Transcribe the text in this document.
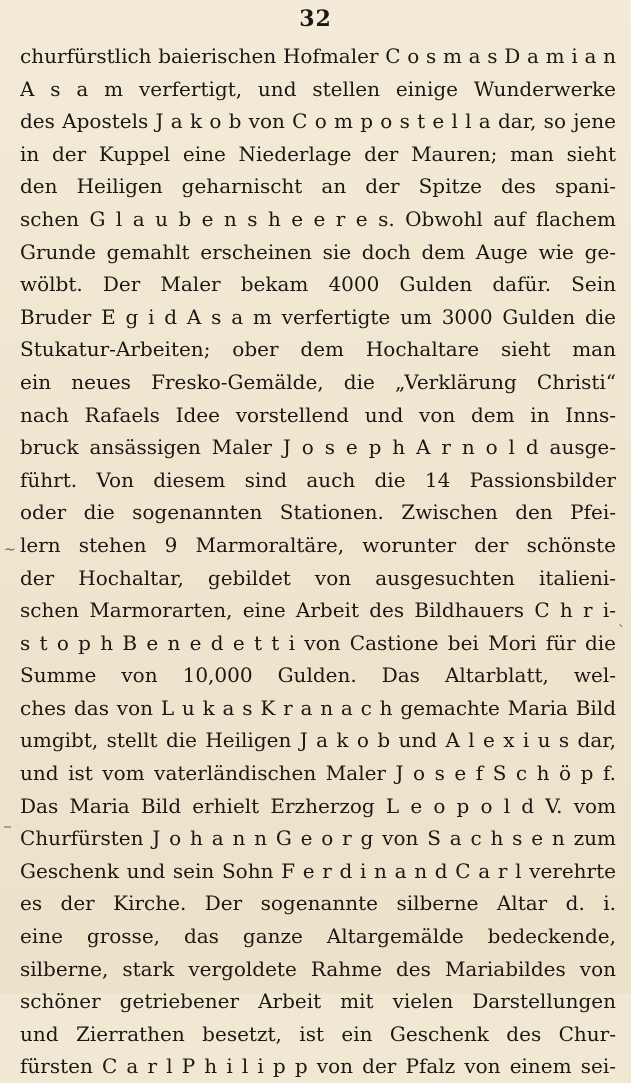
32
churfürstlich baierischen Hofmaler C o s m a s D a m i a n
A s a m verfertigt, und stellen einige Wunderwerke
des Apostels J a k o b von C o m p o s t e l l a dar, so jene
in der Kuppel eine Niederlage der Mauren; man sieht
den Heiligen geharnischt an der Spitze des spani-
schen G l a u b e n s h e e r e s. Obwohl auf flachem
Grunde gemahlt erscheinen sie doch dem Auge wie ge-
wölbt. Der Maler bekam 4000 Gulden dafür. Sein
Bruder E g i d A s a m verfertigte um 3000 Gulden die
Stukatur-Arbeiten; ober dem Hochaltare sieht man
ein neues Fresko-Gemälde, die „Verklärung Christi“
nach Rafaels Idee vorstellend und von dem in Inns-
bruck ansässigen Maler J o s e p h A r n o l d ausge-
führt. Von diesem sind auch die 14 Passionsbilder
oder die sogenannten Stationen. Zwischen den Pfei-
lern stehen 9 Marmoraltäre, worunter der schönste
der Hochaltar, gebildet von ausgesuchten italieni-
schen Marmorarten, eine Arbeit des Bildhauers C h r i-
s t o p h B e n e d e t t i von Castione bei Mori für die
Summe von 10,000 Gulden. Das Altarblatt, wel-
ches das von L u k a s K r a n a c h gemachte Maria Bild
umgibt, stellt die Heiligen J a k o b und A l e x i u s dar,
und ist vom vaterländischen Maler J o s e f S c h ö p f.
Das Maria Bild erhielt Erzherzog L e o p o l d V. vom
Churfürsten J o h a n n G e o r g von S a c h s e n zum
Geschenk und sein Sohn F e r d i n a n d C a r l verehrte
es der Kirche. Der sogenannte silberne Altar d. i.
eine grosse, das ganze Altargemälde bedeckende,
silberne, stark vergoldete Rahme des Mariabildes von
schöner getriebener Arbeit mit vielen Darstellungen
und Zierrathen besetzt, ist ein Geschenk des Chur-
fürsten C a r l P h i l i p p von der Pfalz von einem sei-
~
_
`
